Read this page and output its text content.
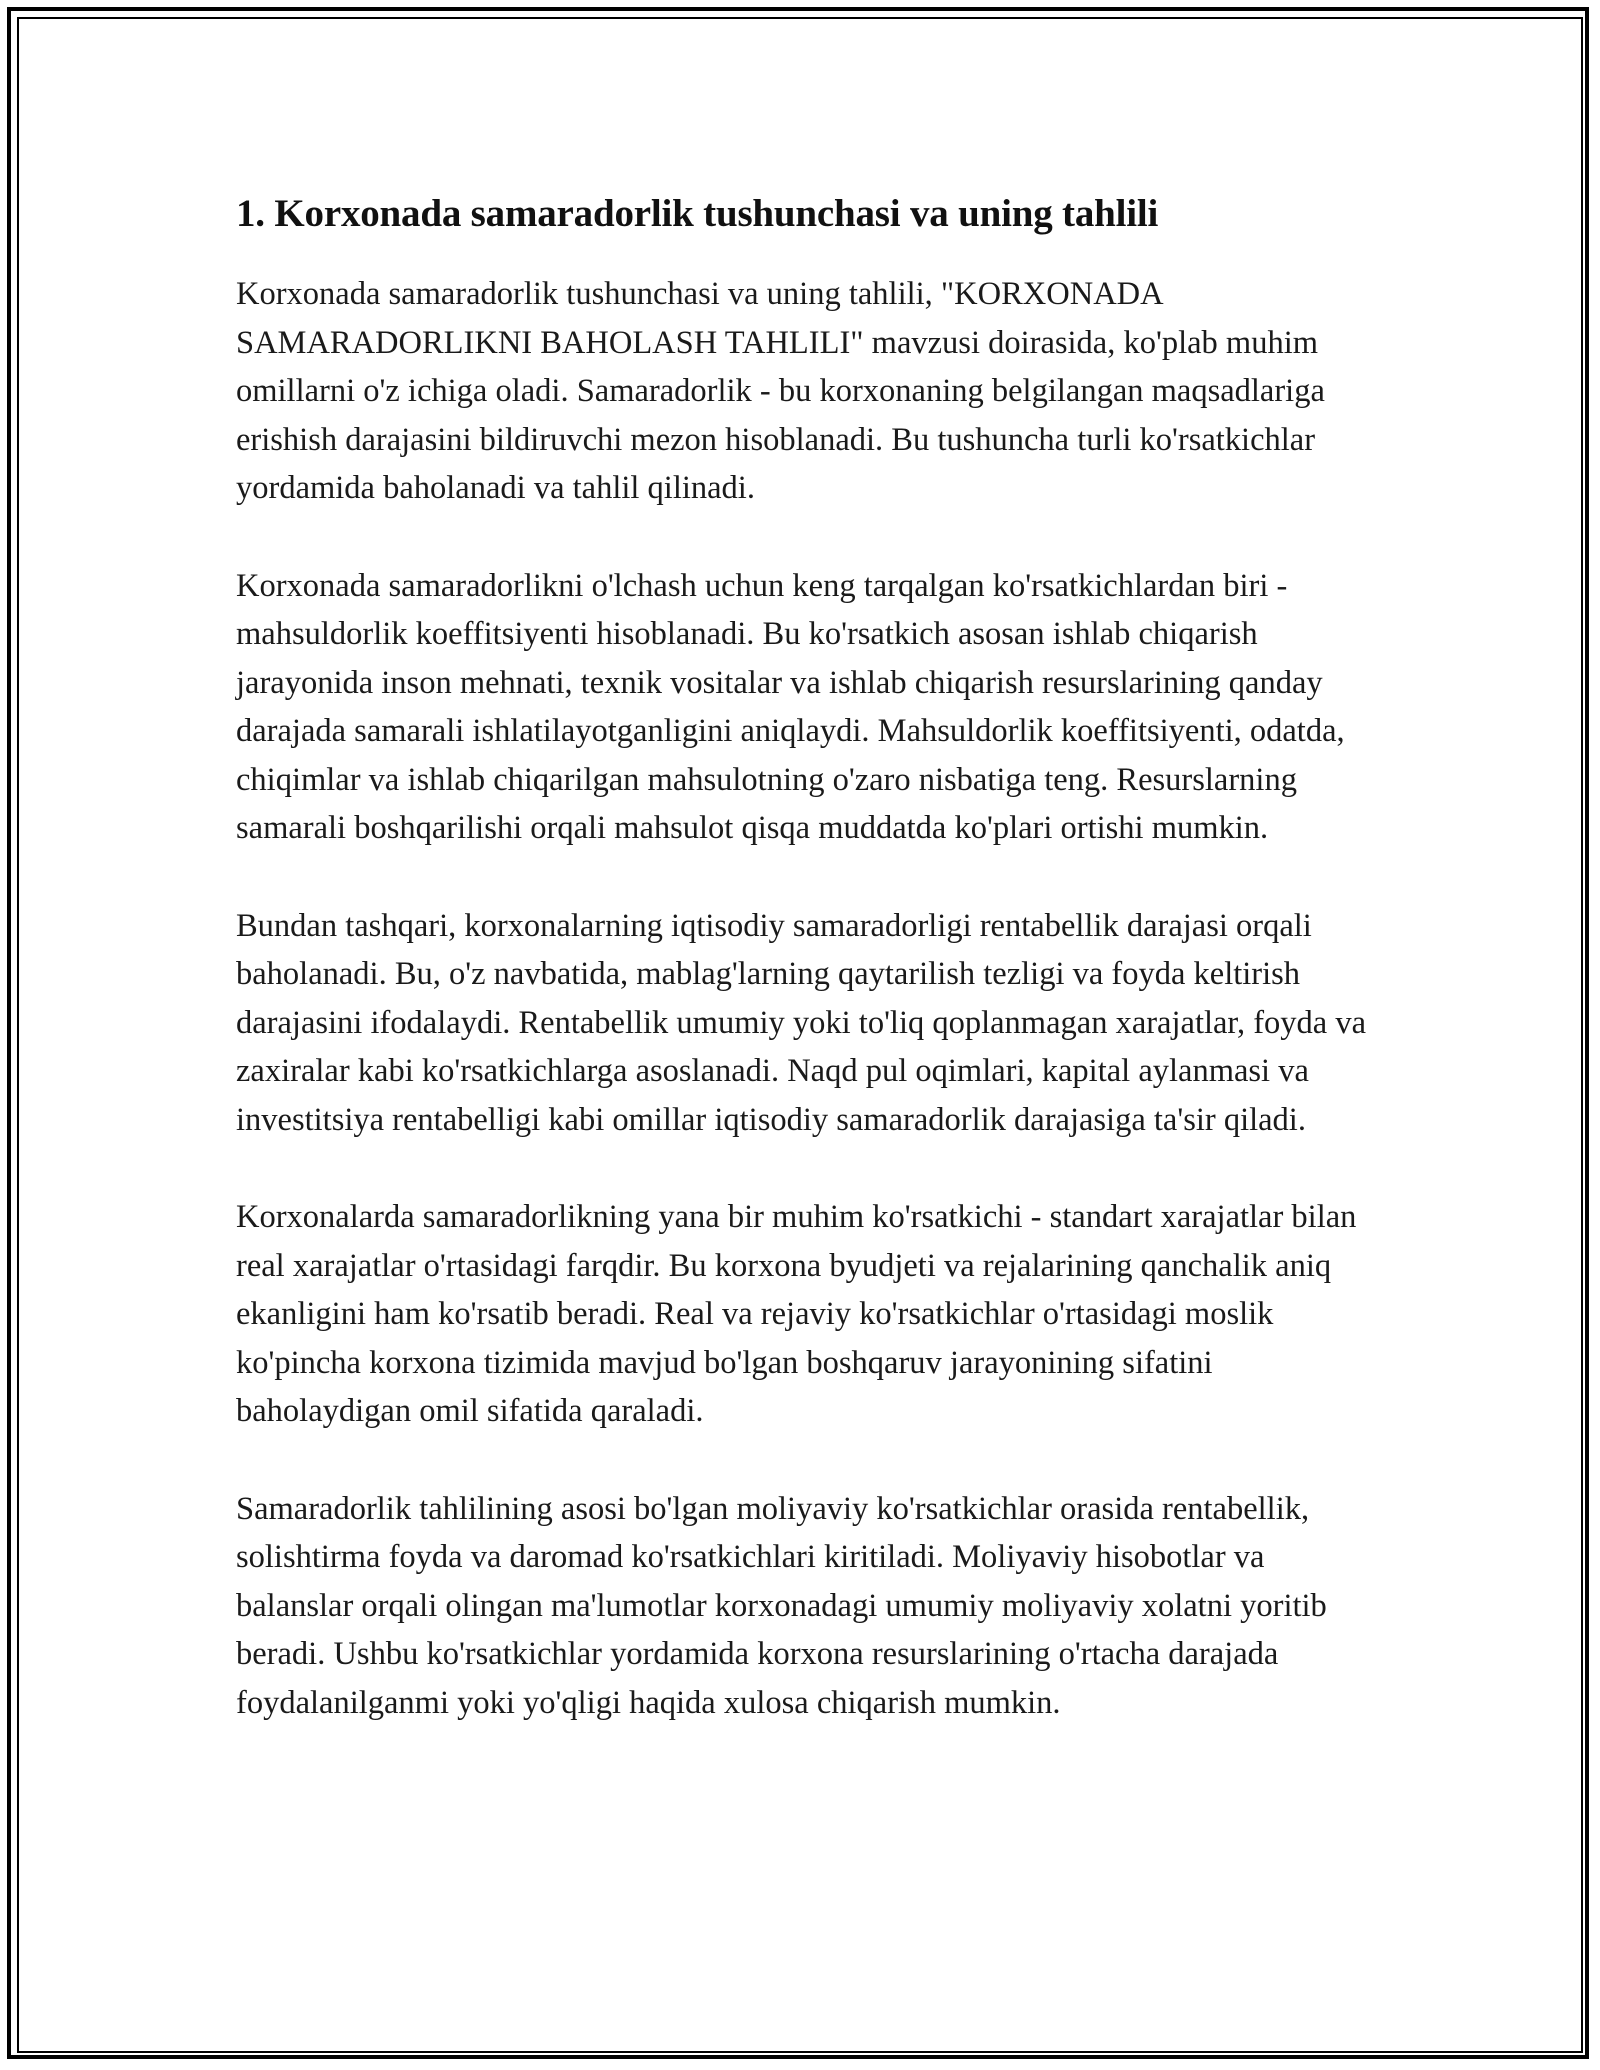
1. Korxonada samaradorlik tushunchasi va uning tahlili

Korxonada samaradorlik tushunchasi va uning tahlili, "KORXONADA SAMARADORLIKNI BAHOLASH TAHLILI" mavzusi doirasida, ko'plab muhim omillarni o'z ichiga oladi. Samaradorlik - bu korxonaning belgilangan maqsadlariga erishish darajasini bildiruvchi mezon hisoblanadi. Bu tushuncha turli ko'rsatkichlar yordamida baholanadi va tahlil qilinadi.

Korxonada samaradorlikni o'lchash uchun keng tarqalgan ko'rsatkichlardan biri - mahsuldorlik koeffitsiyenti hisoblanadi. Bu ko'rsatkich asosan ishlab chiqarish jarayonida inson mehnati, texnik vositalar va ishlab chiqarish resurslarining qanday darajada samarali ishlatilayotganligini aniqlaydi. Mahsuldorlik koeffitsiyenti, odatda, chiqimlar va ishlab chiqarilgan mahsulotning o'zaro nisbatiga teng. Resurslarning samarali boshqarilishi orqali mahsulot qisqa muddatda ko'plari ortishi mumkin.

Bundan tashqari, korxonalarning iqtisodiy samaradorligi rentabellik darajasi orqali baholanadi. Bu, o'z navbatida, mablag'larning qaytarilish tezligi va foyda keltirish darajasini ifodalaydi. Rentabellik umumiy yoki to'liq qoplanmagan xarajatlar, foyda va zaxiralar kabi ko'rsatkichlarga asoslanadi. Naqd pul oqimlari, kapital aylanmasi va investitsiya rentabelligi kabi omillar iqtisodiy samaradorlik darajasiga ta'sir qiladi.

Korxonalarda samaradorlikning yana bir muhim ko'rsatkichi - standart xarajatlar bilan real xarajatlar o'rtasidagi farqdir. Bu korxona byudjeti va rejalarining qanchalik aniq ekanligini ham ko'rsatib beradi. Real va rejaviy ko'rsatkichlar o'rtasidagi moslik ko'pincha korxona tizimida mavjud bo'lgan boshqaruv jarayonining sifatini baholaydigan omil sifatida qaraladi.

Samaradorlik tahlilining asosi bo'lgan moliyaviy ko'rsatkichlar orasida rentabellik, solishtirma foyda va daromad ko'rsatkichlari kiritiladi. Moliyaviy hisobotlar va balanslar orqali olingan ma'lumotlar korxonadagi umumiy moliyaviy xolatni yoritib beradi. Ushbu ko'rsatkichlar yordamida korxona resurslarining o'rtacha darajada foydalanilganmi yoki yo'qligi haqida xulosa chiqarish mumkin.
